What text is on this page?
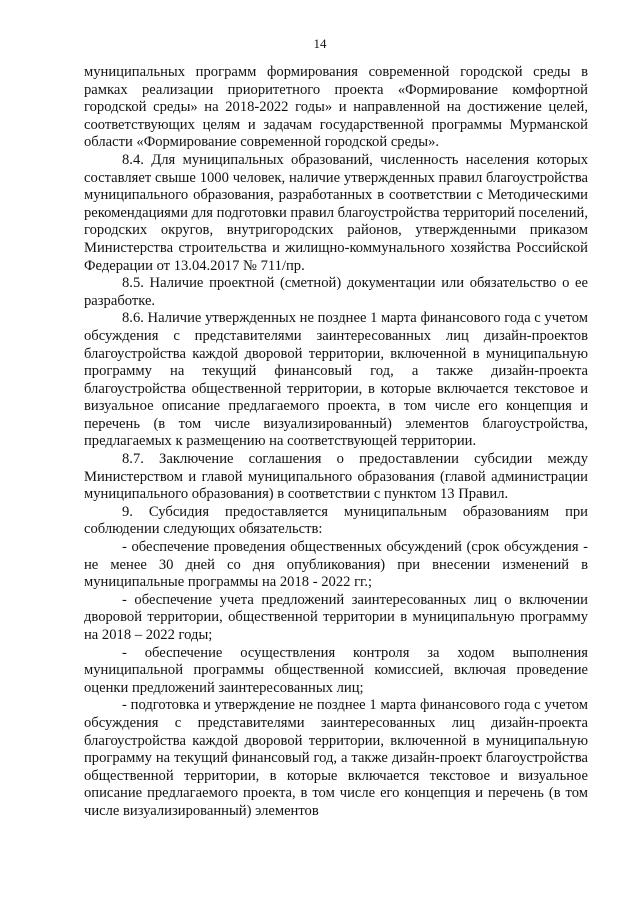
14

муниципальных программ формирования современной городской среды в рамках реализации приоритетного проекта «Формирование комфортной городской среды» на 2018-2022 годы» и направленной на достижение целей, соответствующих целям и задачам государственной программы Мурманской области «Формирование современной городской среды».

8.4. Для муниципальных образований, численность населения которых составляет свыше 1000 человек, наличие утвержденных правил благоустройства муниципального образования, разработанных в соответствии с Методическими рекомендациями для подготовки правил благоустройства территорий поселений, городских округов, внутригородских районов, утвержденными приказом Министерства строительства и жилищно-коммунального хозяйства Российской Федерации от 13.04.2017 № 711/пр.

8.5. Наличие проектной (сметной) документации или обязательство о ее разработке.

8.6. Наличие утвержденных не позднее 1 марта финансового года с учетом обсуждения с представителями заинтересованных лиц дизайн-проектов благоустройства каждой дворовой территории, включенной в муниципальную программу на текущий финансовый год, а также дизайн-проекта благоустройства общественной территории, в которые включается текстовое и визуальное описание предлагаемого проекта, в том числе его концепция и перечень (в том числе визуализированный) элементов благоустройства, предлагаемых к размещению на соответствующей территории.

8.7. Заключение соглашения о предоставлении субсидии между Министерством и главой муниципального образования (главой администрации муниципального образования) в соответствии с пунктом 13 Правил.

9. Субсидия предоставляется муниципальным образованиям при соблюдении следующих обязательств:

- обеспечение проведения общественных обсуждений (срок обсуждения - не менее 30 дней со дня опубликования) при внесении изменений в муниципальные программы на 2018 - 2022 гг.;

- обеспечение учета предложений заинтересованных лиц о включении дворовой территории, общественной территории в муниципальную программу на 2018 – 2022 годы;

- обеспечение осуществления контроля за ходом выполнения муниципальной программы общественной комиссией, включая проведение оценки предложений заинтересованных лиц;

- подготовка и утверждение не позднее 1 марта финансового года с учетом обсуждения с представителями заинтересованных лиц дизайн-проекта благоустройства каждой дворовой территории, включенной в муниципальную программу на текущий финансовый год, а также дизайн-проект благоустройства общественной территории, в которые включается текстовое и визуальное описание предлагаемого проекта, в том числе его концепция и перечень (в том числе визуализированный) элементов
